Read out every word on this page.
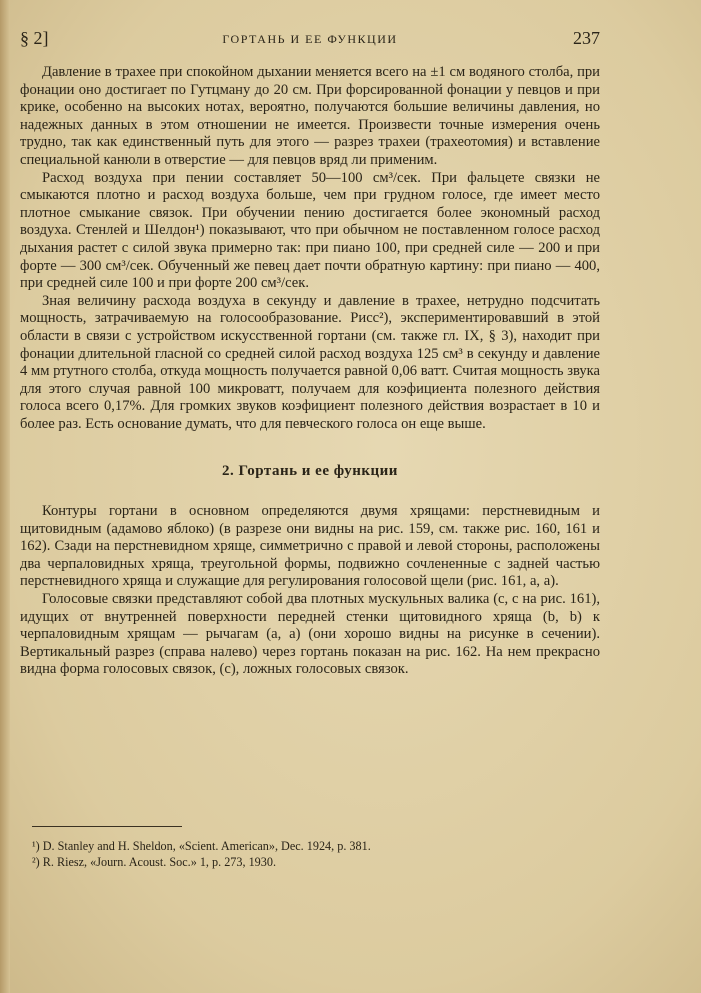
§ 2]	ГОРТАНЬ И ЕЕ ФУНКЦИИ	237

Давление в трахее при спокойном дыхании меняется всего на ±1 см водяного столба, при фонации оно достигает по Гутцману до 20 см. При форсированной фонации у певцов и при крике, особенно на высоких нотах, вероятно, получаются большие величины давления, но надежных данных в этом отношении не имеется. Произвести точные измерения очень трудно, так как единственный путь для этого — разрез трахеи (трахеотомия) и вставление специальной канюли в отверстие — для певцов вряд ли применим.

Расход воздуха при пении составляет 50—100 см³/сек. При фальцете связки не смыкаются плотно и расход воздуха больше, чем при грудном голосе, где имеет место плотное смыкание связок. При обучении пению достигается более экономный расход воздуха. Стенлей и Шелдон¹) показывают, что при обычном не поставленном голосе расход дыхания растет с силой звука примерно так: при пиано 100, при средней силе — 200 и при форте — 300 см³/сек. Обученный же певец дает почти обратную картину: при пиано — 400, при средней силе 100 и при форте 200 см³/сек.

Зная величину расхода воздуха в секунду и давление в трахее, нетрудно подсчитать мощность, затрачиваемую на голосообразование. Рисс²), экспериментировавший в этой области в связи с устройством искусственной гортани (см. также гл. IX, § 3), находит при фонации длительной гласной со средней силой расход воздуха 125 см³ в секунду и давление 4 мм ртутного столба, откуда мощность получается равной 0,06 ватт. Считая мощность звука для этого случая равной 100 микроватт, получаем для коэфициента полезного действия голоса всего 0,17%. Для громких звуков коэфициент полезного действия возрастает в 10 и более раз. Есть основание думать, что для певческого голоса он еще выше.

2. Гортань и ее функции

Контуры гортани в основном определяются двумя хрящами: перстневидным и щитовидным (адамово яблоко) (в разрезе они видны на рис. 159, см. также рис. 160, 161 и 162). Сзади на перстневидном хряще, симметрично с правой и левой стороны, расположены два черпаловидных хряща, треугольной формы, подвижно сочлененные с задней частью перстневидного хряща и служащие для регулирования голосовой щели (рис. 161, а, а).

Голосовые связки представляют собой два плотных мускульных валика (с, с на рис. 161), идущих от внутренней поверхности передней стенки щитовидного хряща (b, b) к черпаловидным хрящам — рычагам (а, а) (они хорошо видны на рисунке в сечении). Вертикальный разрез (справа налево) через гортань показан на рис. 162. На нем прекрасно видна форма голосовых связок, (с), ложных голосовых связок.

¹) D. Stanley and H. Sheldon, «Scient. American», Dec. 1924, p. 381.
²) R. Riesz, «Journ. Acoust. Soc.» 1, p. 273, 1930.
